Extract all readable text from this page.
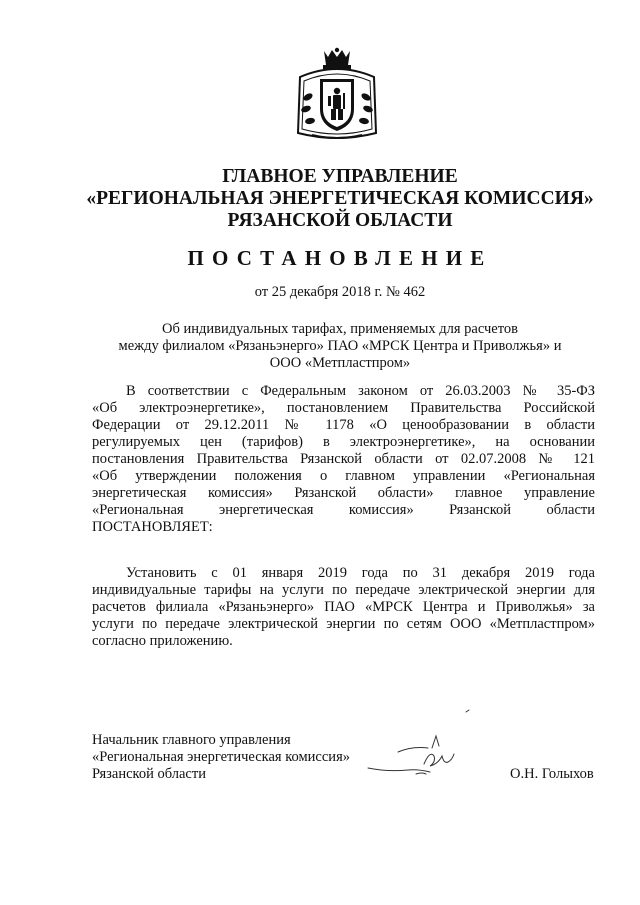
ГЛАВНОЕ УПРАВЛЕНИЕ
«РЕГИОНАЛЬНАЯ ЭНЕРГЕТИЧЕСКАЯ КОМИССИЯ»
РЯЗАНСКОЙ ОБЛАСТИ
ПОСТАНОВЛЕНИЕ
от 25 декабря 2018 г. № 462
Об индивидуальных тарифах, применяемых для расчетов
между филиалом «Рязаньэнерго» ПАО «МРСК Центра и Приволжья» и
ООО «Метпластпром»
В соответствии с Федеральным законом от 26.03.2003 № 35-ФЗ
«Об электроэнергетике», постановлением Правительства Российской
Федерации от 29.12.2011 № 1178 «О ценообразовании в области
регулируемых цен (тарифов) в электроэнергетике», на основании
постановления Правительства Рязанской области от 02.07.2008 № 121
«Об утверждении положения о главном управлении «Региональная
энергетическая комиссия» Рязанской области» главное управление
«Региональная энергетическая комиссия» Рязанской области
ПОСТАНОВЛЯЕТ:
Установить с 01 января 2019 года по 31 декабря 2019 года
индивидуальные тарифы на услуги по передаче электрической энергии для
расчетов филиала «Рязаньэнерго» ПАО «МРСК Центра и Приволжья» за
услуги по передаче электрической энергии по сетям ООО «Метпластпром»
согласно приложению.
Начальник главного управления
«Региональная энергетическая комиссия»
Рязанской области	О.Н. Голыхов
